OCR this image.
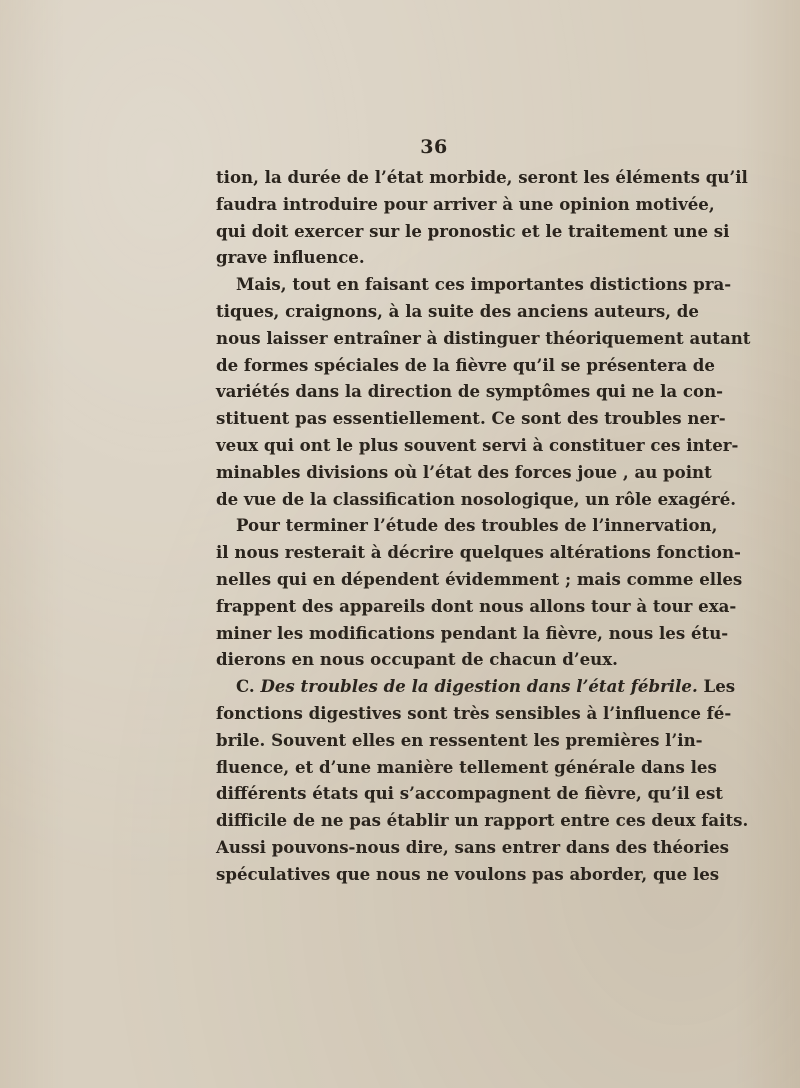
36
tion, la durée de l’état morbide, seront les éléments qu’il
faudra introduire pour arriver à une opinion motivée,
qui doit exercer sur le pronostic et le traitement une si
grave influence.
Mais, tout en faisant ces importantes distictions pra-
tiques, craignons, à la suite des anciens auteurs, de
nous laisser entraîner à distinguer théoriquement autant
de formes spéciales de la fièvre qu’il se présentera de
variétés dans la direction de symptômes qui ne la con-
stituent pas essentiellement. Ce sont des troubles ner-
veux qui ont le plus souvent servi à constituer ces inter-
minables divisions où l’état des forces joue , au point
de vue de la classification nosologique, un rôle exagéré.
Pour terminer l’étude des troubles de l’innervation,
il nous resterait à décrire quelques altérations fonction-
nelles qui en dépendent évidemment ; mais comme elles
frappent des appareils dont nous allons tour à tour exa-
miner les modifications pendant la fièvre, nous les étu-
dierons en nous occupant de chacun d’eux.
C. Des troubles de la digestion dans l’état fébrile. Les
fonctions digestives sont très sensibles à l’influence fé-
brile. Souvent elles en ressentent les premières l’in-
fluence, et d’une manière tellement générale dans les
différents états qui s’accompagnent de fièvre, qu’il est
difficile de ne pas établir un rapport entre ces deux faits.
Aussi pouvons-nous dire, sans entrer dans des théories
spéculatives que nous ne voulons pas aborder, que les
